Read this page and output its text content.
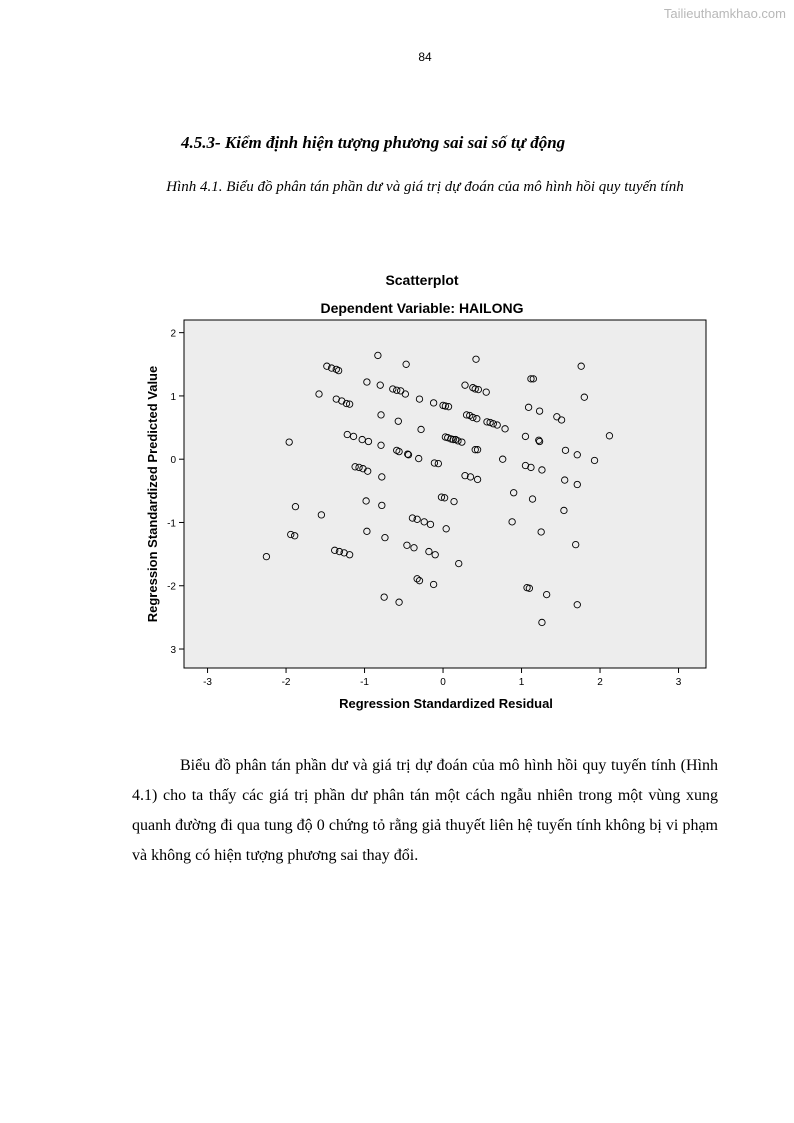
Tailieuthamkhao.com
84
4.5.3- Kiểm định hiện tượng phương sai sai số tự động
Hình 4.1. Biểu đồ phân tán phần dư và giá trị dự đoán của mô hình hồi quy tuyến tính
Scatterplot
Dependent Variable: HAILONG
2
1
0
-1
-2
3
-3	-2	-1	0	1	2	3
Regression Standardized Residual
Regression Standardized Predicted Value

Biểu đồ phân tán phần dư và giá trị dự đoán của mô hình hồi quy tuyến tính (Hình 4.1) cho ta thấy các giá trị phần dư phân tán một cách ngẫu nhiên trong một vùng xung quanh đường đi qua tung độ 0 chứng tỏ rằng giả thuyết liên hệ tuyến tính không bị vi phạm và không có hiện tượng phương sai thay đổi.
